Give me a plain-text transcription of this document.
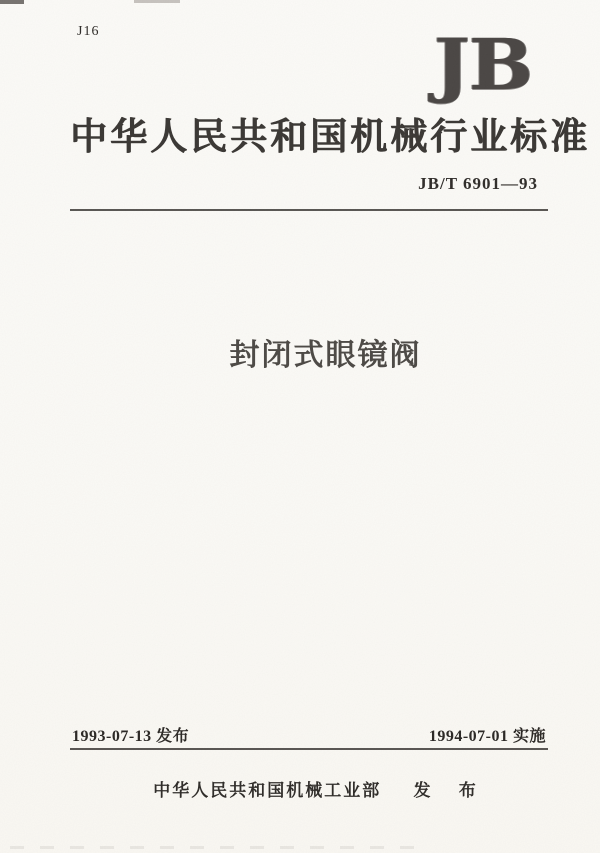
J16	JB
中华人民共和国机械行业标准
JB/T 6901—93
封闭式眼镜阀
1993-07-13 发布	1994-07-01 实施
中华人民共和国机械工业部 发 布
